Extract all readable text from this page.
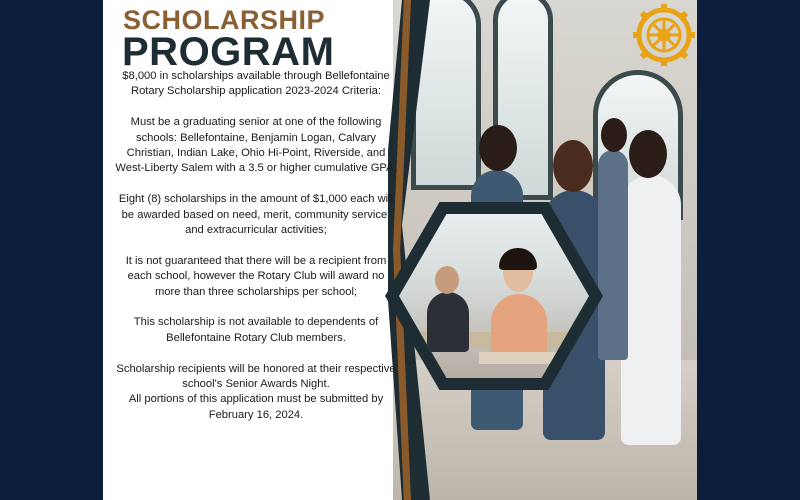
SCHOLARSHIP
PROGRAM

$8,000 in scholarships available through Bellefontaine Rotary Scholarship application 2023-2024 Criteria:

Must be a graduating senior at one of the following schools: Bellefontaine, Benjamin Logan, Calvary Christian, Indian Lake, Ohio Hi-Point, Riverside, and West-Liberty Salem with a 3.5 or higher cumulative GPA;

Eight (8) scholarships in the amount of $1,000 each will be awarded based on need, merit, community service, and extracurricular activities;

It is not guaranteed that there will be a recipient from each school, however the Rotary Club will award no more than three scholarships per school;

This scholarship is not available to dependents of Bellefontaine Rotary Club members.

Scholarship recipients will be honored at their respective school's Senior Awards Night.

All portions of this application must be submitted by February 16, 2024.
